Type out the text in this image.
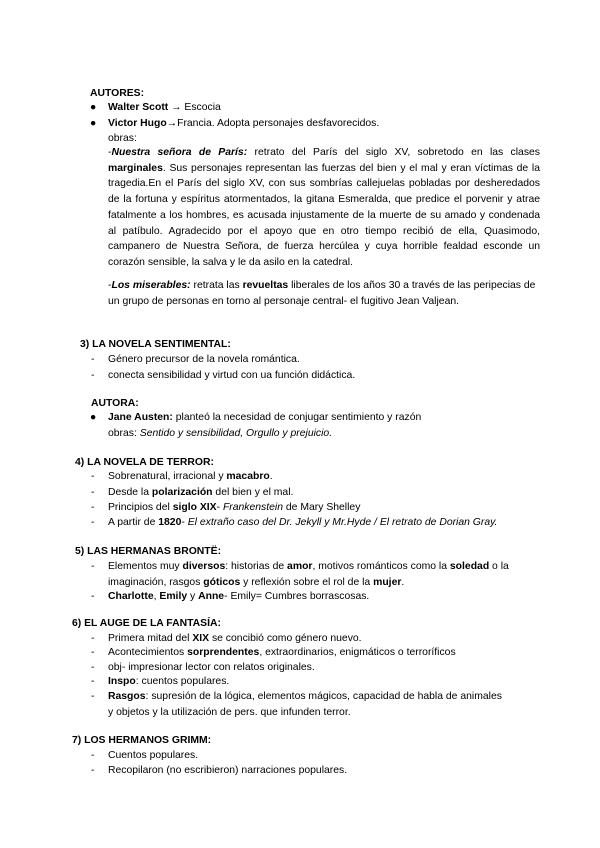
AUTORES:
● Walter Scott → Escocia
● Victor Hugo→Francia. Adopta personajes desfavorecidos.
obras:
-Nuestra señora de París: retrato del París del siglo XV, sobretodo en las clases marginales. Sus personajes representan las fuerzas del bien y el mal y eran víctimas de la tragedia.En el París del siglo XV, con sus sombrías callejuelas pobladas por desheredados de la fortuna y espíritus atormentados, la gitana Esmeralda, que predice el porvenir y atrae fatalmente a los hombres, es acusada injustamente de la muerte de su amado y condenada al patíbulo. Agradecido por el apoyo que en otro tiempo recibió de ella, Quasimodo, campanero de Nuestra Señora, de fuerza hercúlea y cuya horrible fealdad esconde un corazón sensible, la salva y le da asilo en la catedral.
-Los miserables: retrata las revueltas liberales de los años 30 a través de las peripecias de un grupo de personas en torno al personaje central- el fugitivo Jean Valjean.
3) LA NOVELA SENTIMENTAL:
-	Género precursor de la novela romántica.
-	conecta sensibilidad y virtud con ua función didáctica.
AUTORA:
● Jane Austen: planteó la necesidad de conjugar sentimiento y razón
obras: Sentido y sensibilidad, Orgullo y prejuicio.
4) LA NOVELA DE TERROR:
-	Sobrenatural, irracional y macabro.
-	Desde la polarización del bien y el mal.
-	Principios del siglo XIX- Frankenstein de Mary Shelley
-	A partir de 1820- El extraño caso del Dr. Jekyll y Mr.Hyde / El retrato de Dorian Gray.
5) LAS HERMANAS BRONTË:
-	Elementos muy diversos: historias de amor, motivos románticos como la soledad o la imaginación, rasgos góticos y reflexión sobre el rol de la mujer.
-	Charlotte, Emily y Anne- Emily= Cumbres borrascosas.
6) EL AUGE DE LA FANTASÍA:
-	Primera mitad del XIX se concibió como género nuevo.
-	Acontecimientos sorprendentes, extraordinarios, enigmáticos o terroríficos
-	obj- impresionar lector con relatos originales.
-	Inspo: cuentos populares.
-	Rasgos: supresión de la lógica, elementos mágicos, capacidad de habla de animales y objetos y la utilización de pers. que infunden terror.
7) LOS HERMANOS GRIMM:
-	Cuentos populares.
-	Recopilaron (no escribieron) narraciones populares.
